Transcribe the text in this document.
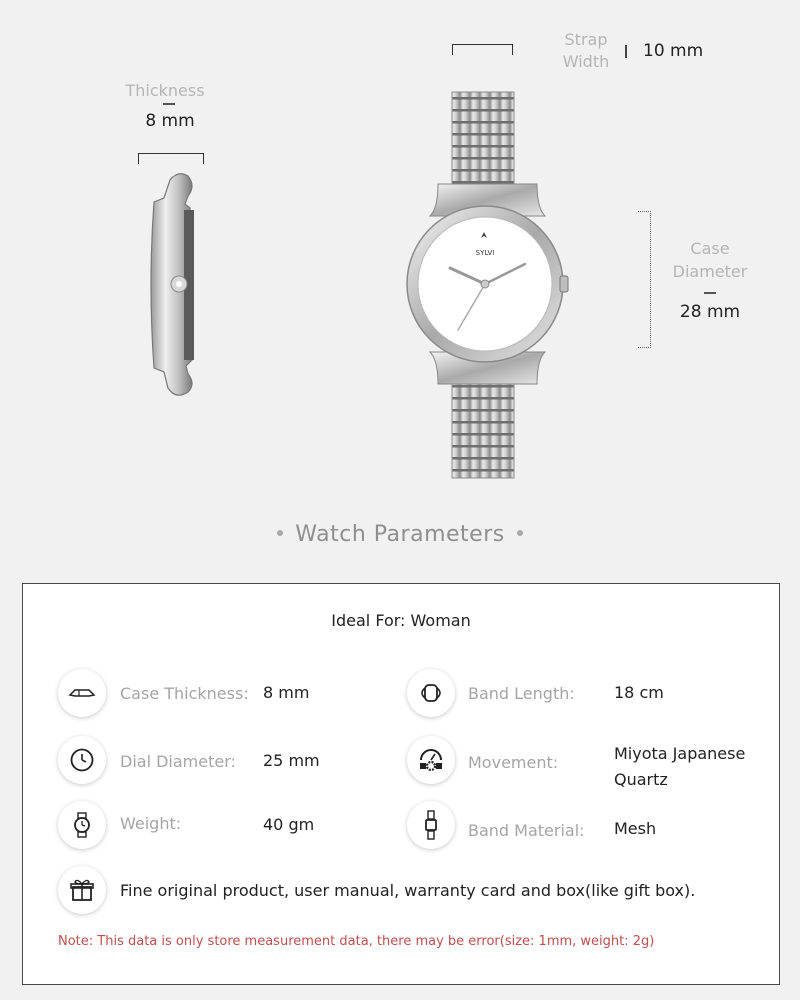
Thickness
8 mm
Strap
Width
10 mm
SYLVI	Case
Diameter
28 mm
Watch Parameters
Ideal For: Woman
Case Thickness: 8 mm	Band Length: 18 cm
Dial Diameter: 25 mm	Movement:	Miyota Japanese
Quartz
Weight:	40 gm	Band Material: Mesh
Fine original product, user manual, warranty card and box(like gift box).
Note: This data is only store measurement data, there may be error(size: 1mm, weight: 2g)
